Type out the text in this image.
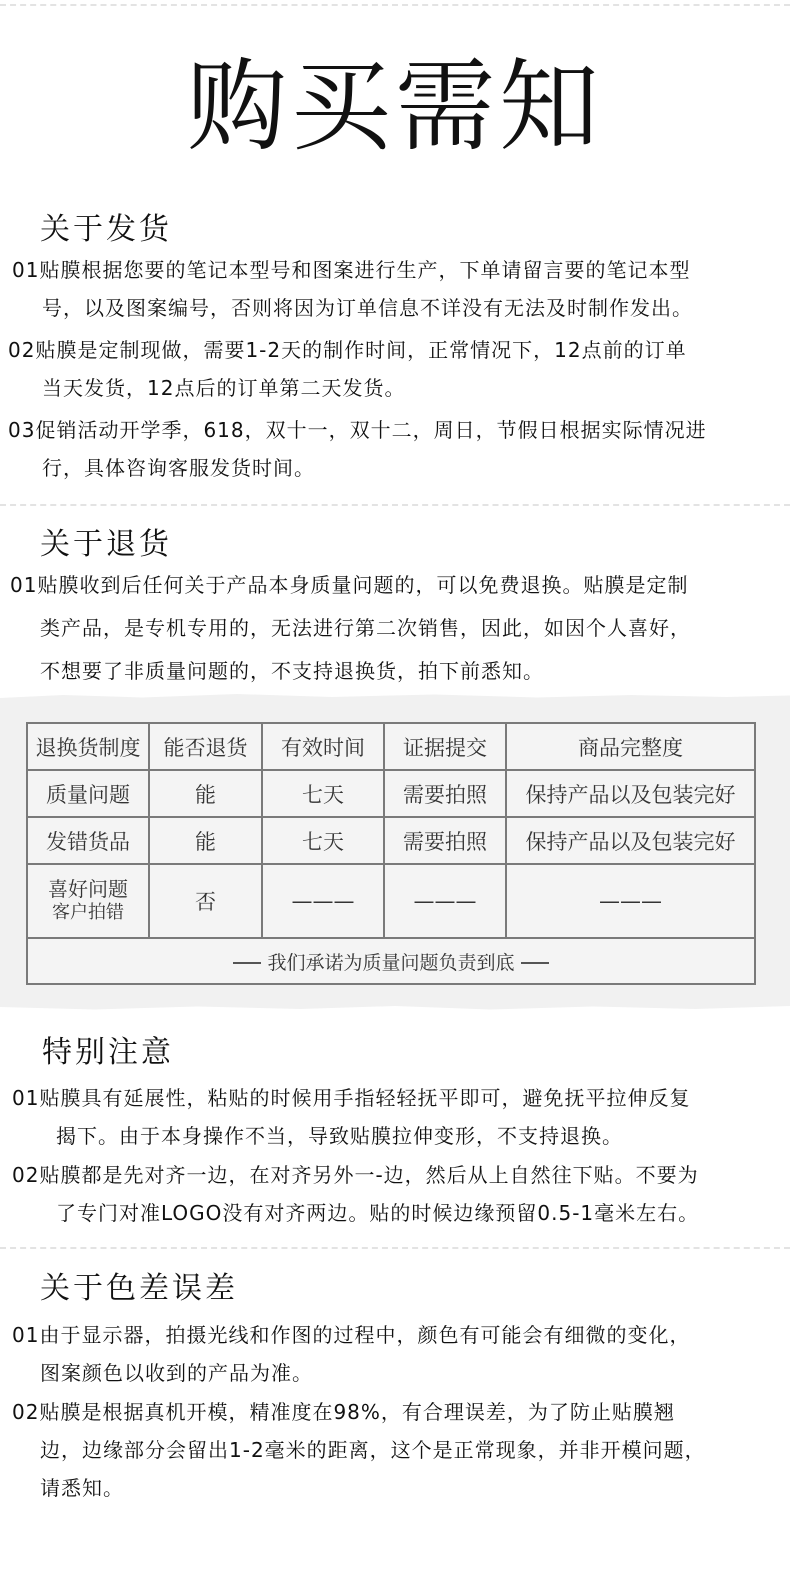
购买需知
关于发货
01贴膜根据您要的笔记本型号和图案进行生产，下单请留言要的笔记本型
号，以及图案编号，否则将因为订单信息不详没有无法及时制作发出。
02贴膜是定制现做，需要1-2天的制作时间，正常情况下，12点前的订单
当天发货，12点后的订单第二天发货。
03促销活动开学季，618，双十一，双十二，周日，节假日根据实际情况进
行，具体咨询客服发货时间。
关于退货
01贴膜收到后任何关于产品本身质量问题的，可以免费退换。贴膜是定制
类产品，是专机专用的，无法进行第二次销售，因此，如因个人喜好，
不想要了非质量问题的，不支持退换货，拍下前悉知。
退换货制度	能否退货	有效时间	证据提交	商品完整度
质量问题	能	七天	需要拍照	保持产品以及包装完好
发错货品	能	七天	需要拍照	保持产品以及包装完好

喜好问题
客户拍错	否	———	———	———
我们承诺为质量问题负责到底				
特别注意
01贴膜具有延展性，粘贴的时候用手指轻轻抚平即可，避免抚平拉伸反复
揭下。由于本身操作不当，导致贴膜拉伸变形，不支持退换。
02贴膜都是先对齐一边，在对齐另外一-边，然后从上自然往下贴。不要为
了专门对准LOGO没有对齐两边。贴的时候边缘预留0.5-1毫米左右。
关于色差误差
01由于显示器，拍摄光线和作图的过程中，颜色有可能会有细微的变化，
图案颜色以收到的产品为准。
02贴膜是根据真机开模，精准度在98%，有合理误差，为了防止贴膜翘
边，边缘部分会留出1-2毫米的距离，这个是正常现象，并非开模问题，
请悉知。
